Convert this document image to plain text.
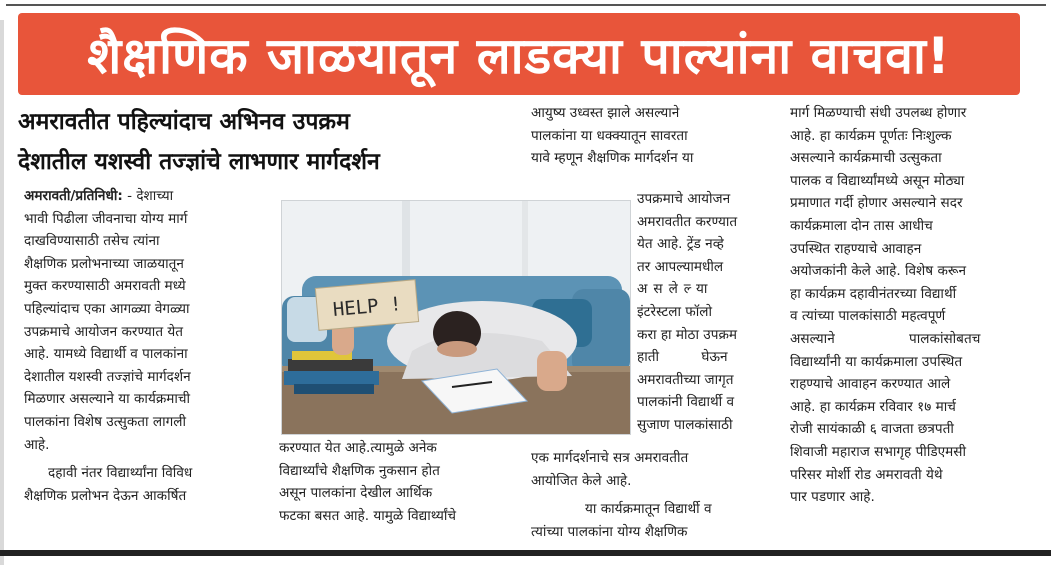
शैक्षणिक जाळयातून लाडक्या पाल्यांना वाचवा!
अमरावतीत पहिल्यांदाच अभिनव उपक्रम
देशातील यशस्वी तज्ज्ञांचे लाभणार मार्गदर्शन

अमरावती/प्रतिनिधी: - देशाच्या
भावी पिढीला जीवनाचा योग्य मार्ग
दाखविण्यासाठी तसेच त्यांना
शैक्षणिक प्रलोभनाच्या जाळयातून
मुक्त करण्यासाठी अमरावती मध्ये
पहिल्यांदाच एका आगळ्या वेगळ्या
उपक्रमाचे आयोजन करण्यात येत
आहे. यामध्ये विद्यार्थी व पालकांना
देशातील यशस्वी तज्ज्ञांचे मार्गदर्शन
मिळणार असल्याने या कार्यक्रमाची
पालकांना विशेष उत्सुकता लागली
आहे.

दहावी नंतर विद्यार्थ्यांना विविध
शैक्षणिक प्रलोभन देऊन आकर्षित

HELP !
करण्यात येत आहे.त्यामुळे अनेक
विद्यार्थ्यांचे शैक्षणिक नुकसान होत
असून पालकांना देखील आर्थिक
फटका बसत आहे. यामुळे विद्यार्थ्यांचे
आयुष्य उध्वस्त झाले असल्याने
पालकांना या धक्क्यातून सावरता
यावे म्हणून शैक्षणिक मार्गदर्शन या
उपक्रमाचे आयोजन
अमरावतीत करण्यात
येत आहे. ट्रेंड नव्हे
तर आपल्यामधील
असलेल्या
इंटरेस्टला फॉलो
करा हा मोठा उपक्रम
हाती घेऊन
अमरावतीच्या जागृत
पालकांनी विद्यार्थी व
सुजाण पालकांसाठी
एक मार्गदर्शनाचे सत्र अमरावतीत
आयोजित केले आहे.
या कार्यक्रमातून विद्यार्थी व
त्यांच्या पालकांना योग्य शैक्षणिक
मार्ग मिळण्याची संधी उपलब्ध होणार
आहे. हा कार्यक्रम पूर्णतः निःशुल्क
असल्याने कार्यक्रमाची उत्सुकता
पालक व विद्यार्थ्यांमध्ये असून मोठ्या
प्रमाणात गर्दी होणार असल्याने सदर
कार्यक्रमाला दोन तास आधीच
उपस्थित राहण्याचे आवाहन
अयोजकांनी केले आहे. विशेष करून
हा कार्यक्रम दहावीनंतरच्या विद्यार्थी
व त्यांच्या पालकांसाठी महत्वपूर्ण
असल्याने पालकांसोबतच
विद्यार्थ्यांनी या कार्यक्रमाला उपस्थित
राहण्याचे आवाहन करण्यात आले
आहे. हा कार्यक्रम रविवार १७ मार्च
रोजी सायंकाळी ६ वाजता छत्रपती
शिवाजी महाराज सभागृह पीडिएमसी
परिसर मोर्शी रोड अमरावती येथे
पार पडणार आहे.
